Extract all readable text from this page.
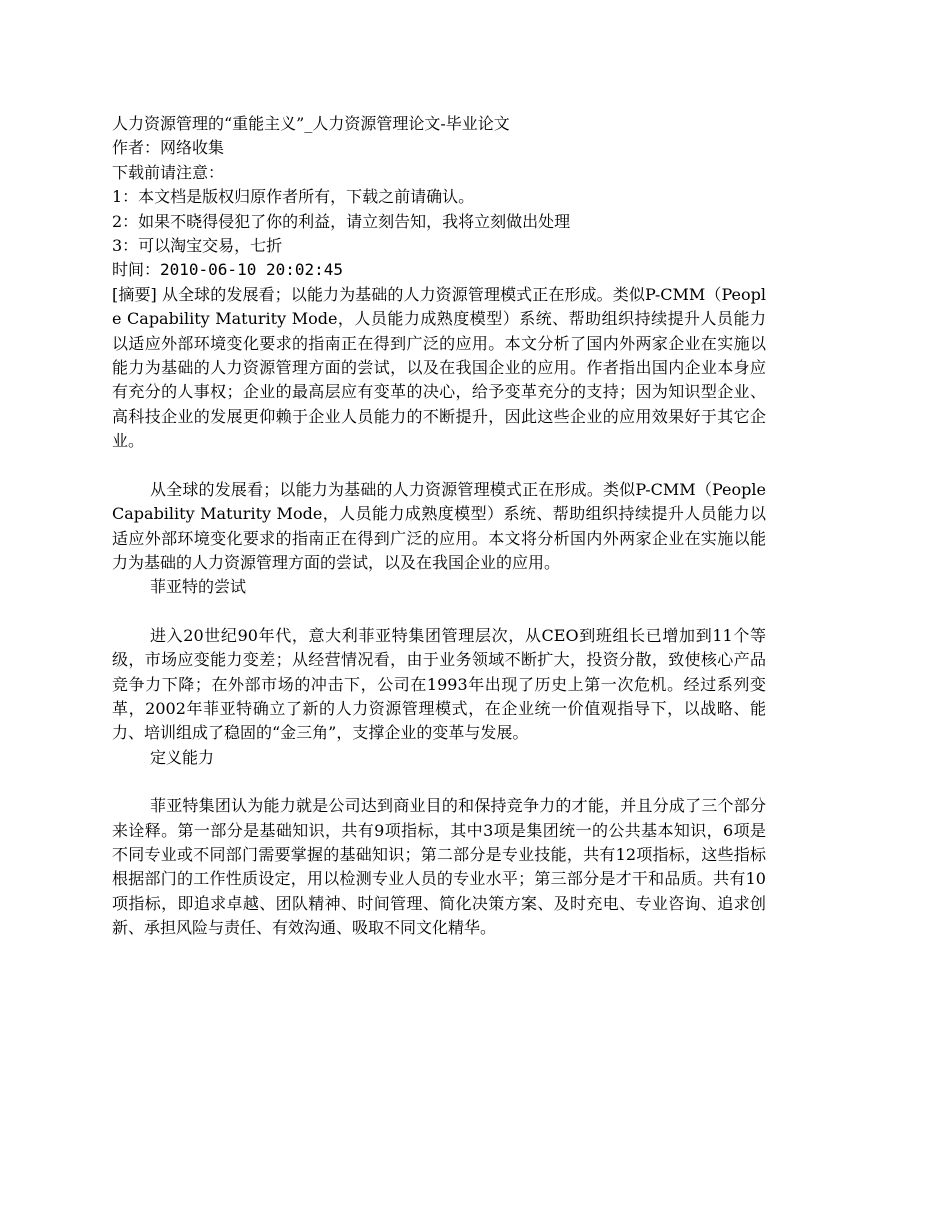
人力资源管理的“重能主义”_人力资源管理论文-毕业论文

作者：网络收集

下载前请注意：

1：本文档是版权归原作者所有，下载之前请确认。

2：如果不晓得侵犯了你的利益，请立刻告知，我将立刻做出处理

3：可以淘宝交易，七折

时间：2010-06-10 20:02:45

[摘要] 从全球的发展看；以能力为基础的人力资源管理模式正在形成。类似P-CMM（People Capability Maturity Mode，人员能力成熟度模型）系统、帮助组织持续提升人员能力以适应外部环境变化要求的指南正在得到广泛的应用。本文分析了国内外两家企业在实施以能力为基础的人力资源管理方面的尝试，以及在我国企业的应用。作者指出国内企业本身应有充分的人事权；企业的最高层应有变革的决心，给予变革充分的支持；因为知识型企业、高科技企业的发展更仰赖于企业人员能力的不断提升，因此这些企业的应用效果好于其它企业。

从全球的发展看；以能力为基础的人力资源管理模式正在形成。类似P-CMM（People Capability Maturity Mode，人员能力成熟度模型）系统、帮助组织持续提升人员能力以适应外部环境变化要求的指南正在得到广泛的应用。本文将分析国内外两家企业在实施以能力为基础的人力资源管理方面的尝试，以及在我国企业的应用。

菲亚特的尝试

进入20世纪90年代，意大利菲亚特集团管理层次，从CEO到班组长已增加到11个等级，市场应变能力变差；从经营情况看，由于业务领域不断扩大，投资分散，致使核心产品竞争力下降；在外部市场的冲击下，公司在1993年出现了历史上第一次危机。经过系列变革，2002年菲亚特确立了新的人力资源管理模式，在企业统一价值观指导下，以战略、能力、培训组成了稳固的“金三角”，支撑企业的变革与发展。

定义能力

菲亚特集团认为能力就是公司达到商业目的和保持竞争力的才能，并且分成了三个部分来诠释。第一部分是基础知识，共有9项指标，其中3项是集团统一的公共基本知识，6项是不同专业或不同部门需要掌握的基础知识；第二部分是专业技能，共有12项指标，这些指标根据部门的工作性质设定，用以检测专业人员的专业水平；第三部分是才干和品质。共有10项指标，即追求卓越、团队精神、时间管理、简化决策方案、及时充电、专业咨询、追求创新、承担风险与责任、有效沟通、吸取不同文化精华。
